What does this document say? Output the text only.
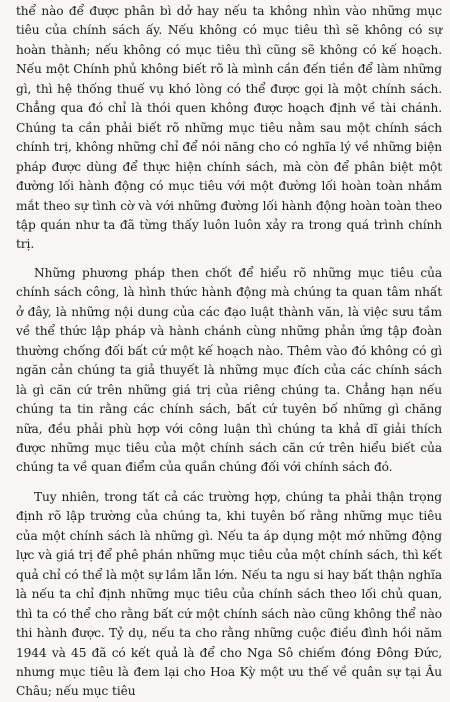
thể nào để được phân bì dở hay nếu ta không nhìn vào những mục tiêu của chính sách ấy. Nếu không có mục tiêu thì sẽ không có sự hoàn thành; nếu không có mục tiêu thì cũng sẽ không có kế hoạch. Nếu một Chính phủ không biết rõ là mình cần đến tiền để làm những gì, thì hệ thống thuế vụ khó lòng có thể được gọi là một chính sách. Chẳng qua đó chỉ là thói quen không được hoạch định về tài chánh. Chúng ta cần phải biết rõ những mục tiêu nằm sau một chính sách chính trị, không những chỉ để nói năng cho có nghĩa lý về những biện pháp được dùng để thực hiện chính sách, mà còn để phân biệt một đường lối hành động có mục tiêu với một đường lối hoàn toàn nhắm mắt theo sự tình cờ và với những đường lối hành động hoàn toàn theo tập quán như ta đã từng thấy luôn luôn xảy ra trong quá trình chính trị.

Những phương pháp then chốt để hiểu rõ những mục tiêu của chính sách công, là hình thức hành động mà chúng ta quan tâm nhất ở đây, là những nội dung của các đạo luật thành văn, là việc sưu tầm về thể thức lập pháp và hành chánh cùng những phản ứng tập đoàn thường chống đối bất cứ một kế hoạch nào. Thêm vào đó không có gì ngăn cản chúng ta giả thuyết là những mục đích của các chính sách là gì căn cứ trên những giá trị của riêng chúng ta. Chẳng hạn nếu chúng ta tin rằng các chính sách, bất cứ tuyên bố những gì chăng nữa, đều phải phù hợp với công luận thì chúng ta khả dĩ giải thích được những mục tiêu của một chính sách căn cứ trên hiểu biết của chúng ta về quan điểm của quần chúng đối với chính sách đó.

Tuy nhiên, trong tất cả các trường hợp, chúng ta phải thận trọng định rõ lập trường của chúng ta, khi tuyên bố rằng những mục tiêu của một chính sách là những gì. Nếu ta áp dụng một mớ những động lực và giá trị để phê phán những mục tiêu của một chính sách, thì kết quả chỉ có thể là một sự lầm lẫn lớn. Nếu ta ngu si hay bất thận nghĩa là nếu ta chỉ định những mục tiêu của chính sách theo lối chủ quan, thì ta có thể cho rằng bất cứ một chính sách nào cũng không thể nào thi hành được. Tỷ dụ, nếu ta cho rằng những cuộc điều đình hồi năm 1944 và 45 đã có kết quả là để cho Nga Sô chiếm đóng Đông Đức, nhưng mục tiêu là đem lại cho Hoa Kỳ một ưu thế về quân sự tại Âu Châu; nếu mục tiêu
